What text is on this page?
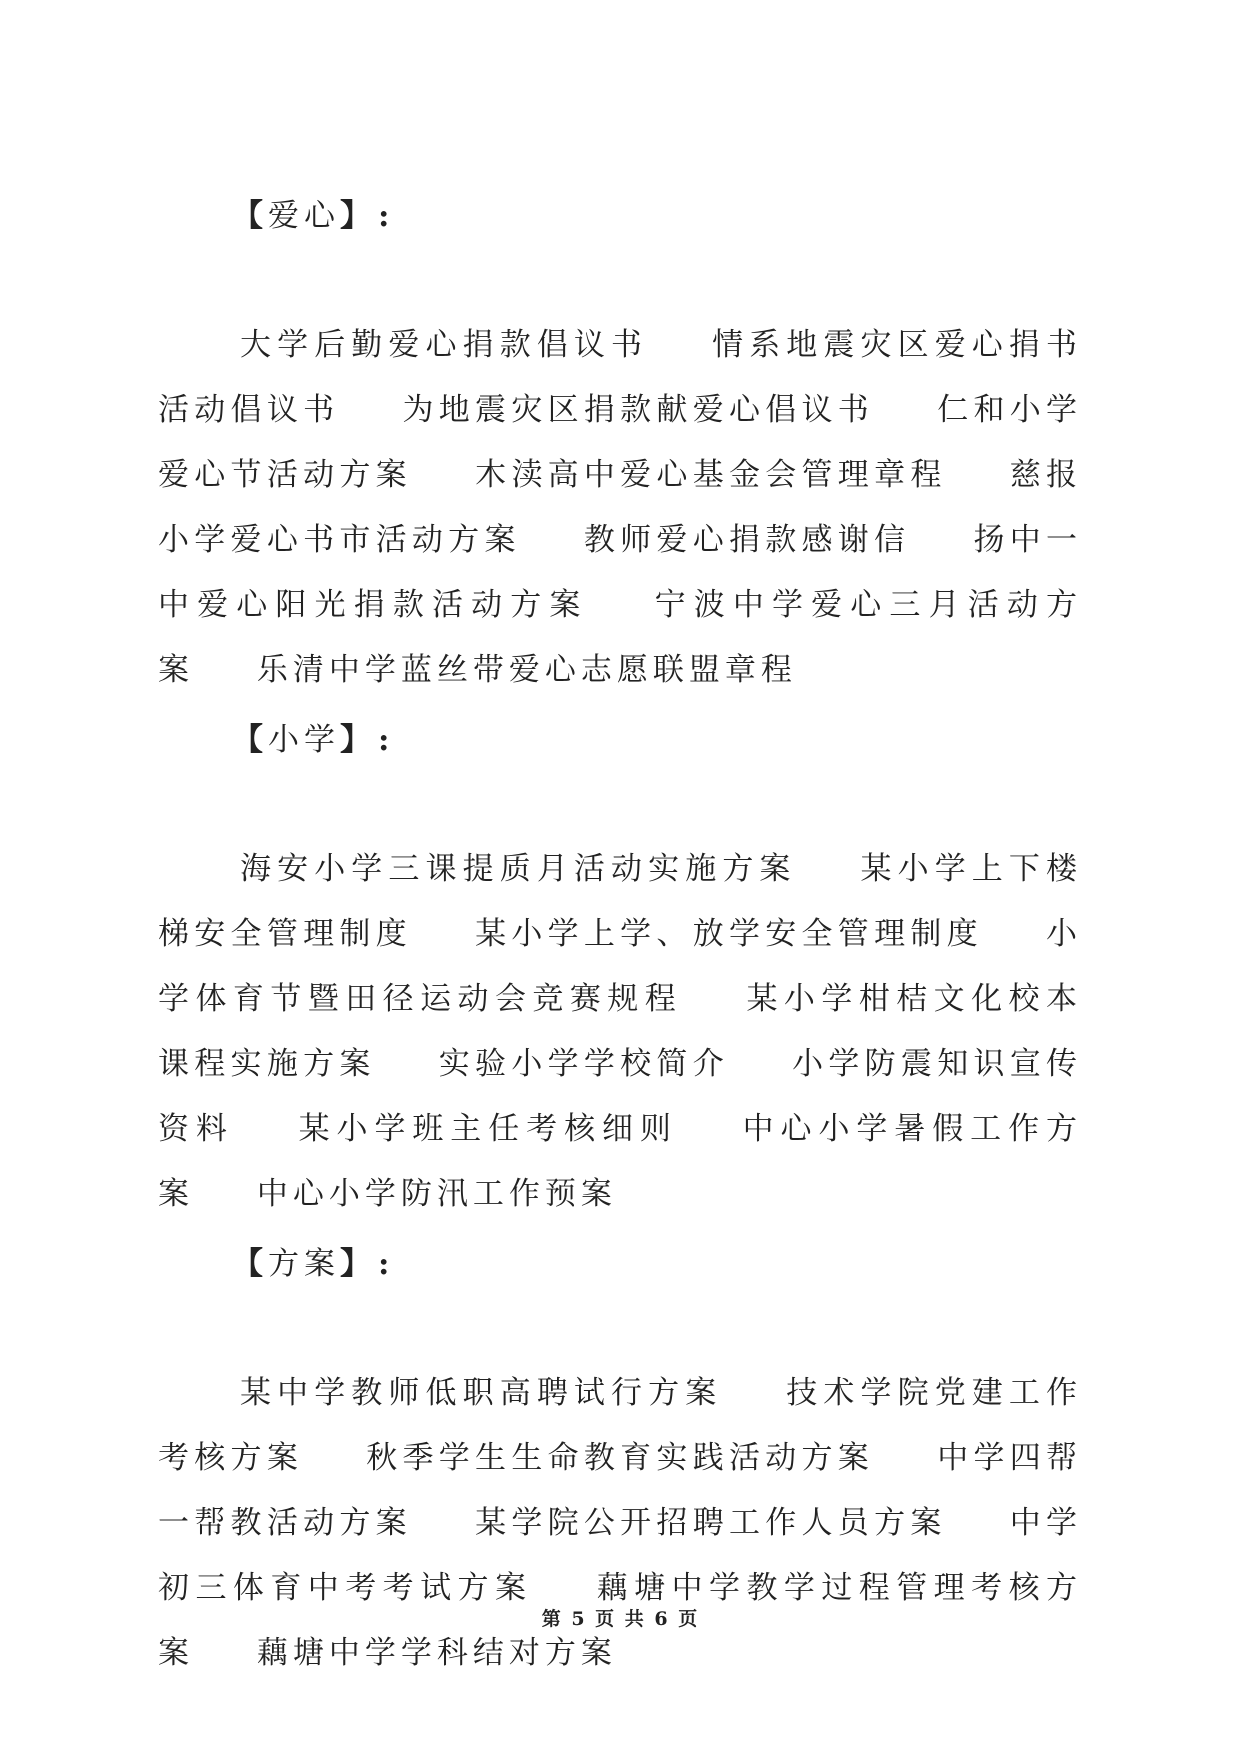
【爱心】:

大学后勤爱心捐款倡议书 情系地震灾区爱心捐书活动倡议书 为地震灾区捐款献爱心倡议书 仁和小学爱心节活动方案 木渎高中爱心基金会管理章程 慈报小学爱心书市活动方案 教师爱心捐款感谢信 扬中一中爱心阳光捐款活动方案 宁波中学爱心三月活动方案 乐清中学蓝丝带爱心志愿联盟章程

【小学】:

海安小学三课提质月活动实施方案 某小学上下楼梯安全管理制度 某小学上学、放学安全管理制度 小学体育节暨田径运动会竞赛规程 某小学柑桔文化校本课程实施方案 实验小学学校简介 小学防震知识宣传资料 某小学班主任考核细则 中心小学暑假工作方案 中心小学防汛工作预案

【方案】:

某中学教师低职高聘试行方案 技术学院党建工作考核方案 秋季学生生命教育实践活动方案 中学四帮一帮教活动方案 某学院公开招聘工作人员方案 中学初三体育中考考试方案 藕塘中学教学过程管理考核方案 藕塘中学学科结对方案

第 5 页 共 6 页
